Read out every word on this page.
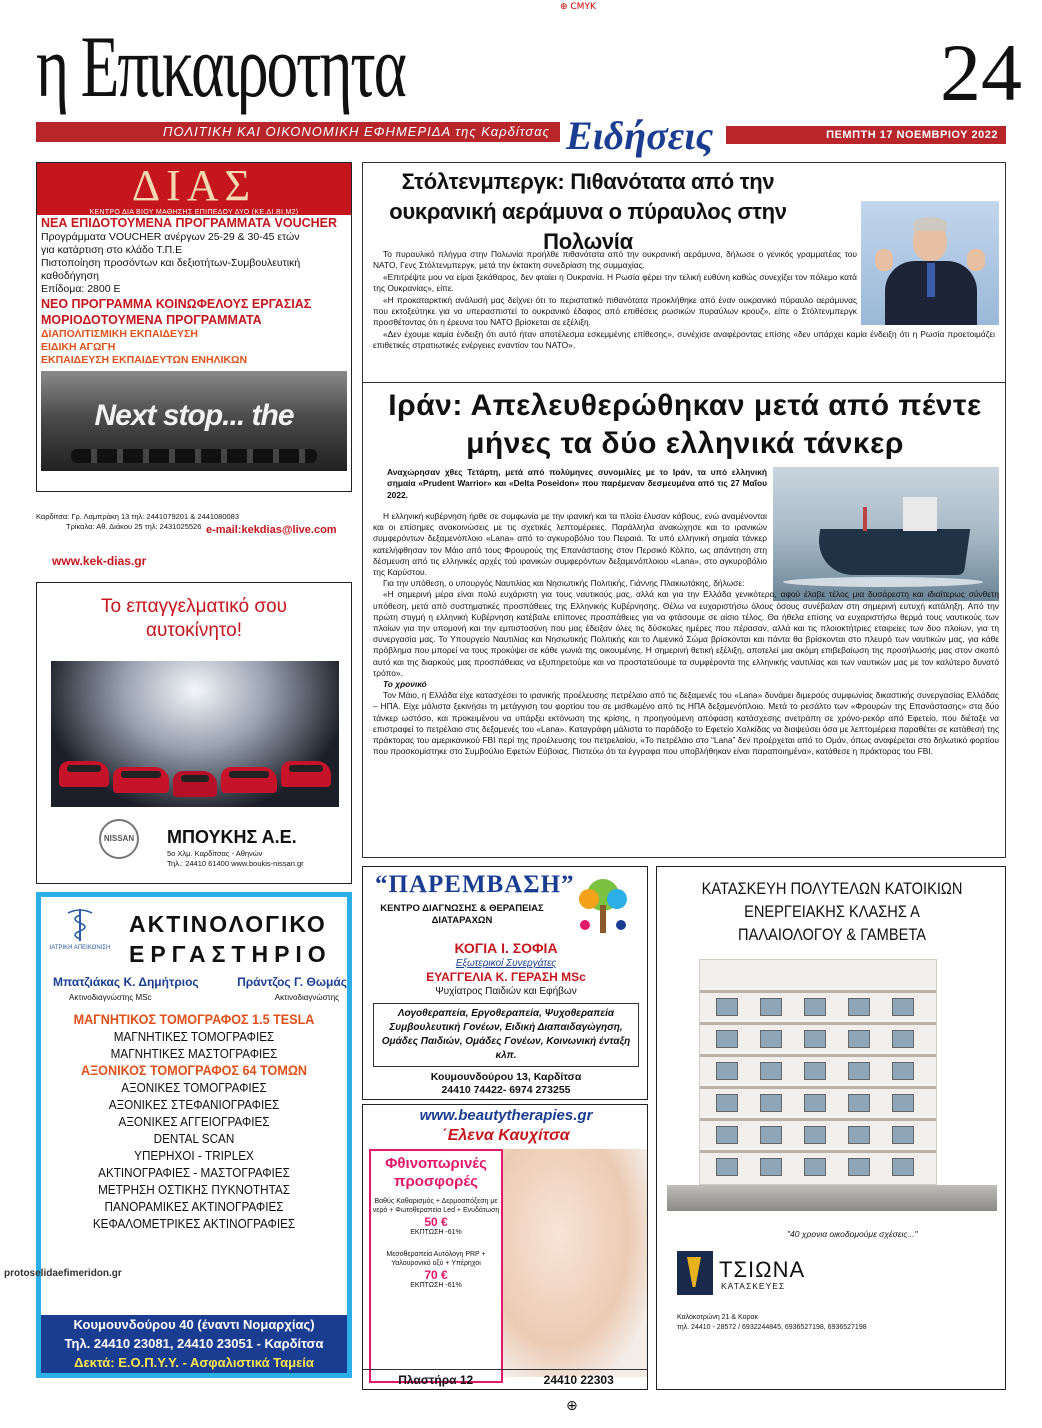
⊕ CMYK
⊕
η Επικαιροτητα
ΠΟΛΙΤΙΚΗ ΚΑΙ ΟΙΚΟΝΟΜΙΚΗ ΕΦΗΜΕΡΙΔΑ της Καρδίτσας Ειδήσεις
24
ΠΕΜΠΤΗ 17 ΝΟΕΜΒΡΙΟΥ 2022
ΔΙΑΣ
ΚΕΝΤΡΟ ΔΙΑ ΒΙΟΥ ΜΑΘΗΣΗΣ ΕΠΙΠΕΔΟΥ ΔΥΟ (ΚΕ.ΔΙ.ΒΙ.Μ2)
ΝΕΑ ΕΠΙΔΟΤΟΥΜΕΝΑ ΠΡΟΓΡΑΜΜΑΤΑ VOUCHER
Προγράμματα VOUCHER ανέργων 25-29 & 30-45 ετών
για κατάρτιση στο κλάδο Τ.Π.Ε
Πιστοποίηση προσόντων και δεξιοτήτων-Συμβουλευτική καθοδήγηση
Επίδομα: 2800 Ε
ΝΕΟ ΠΡΟΓΡΑΜΜΑ ΚΟΙΝΩΦΕΛΟΥΣ ΕΡΓΑΣΙΑΣ
ΜΟΡΙΟΔΟΤΟΥΜΕΝΑ ΠΡΟΓΡΑΜΜΑΤΑ
ΔΙΑΠΟΛΙΤΙΣΜΙΚΗ ΕΚΠΑΙΔΕΥΣΗ
ΕΙΔΙΚΗ ΑΓΩΓΗ
ΕΚΠΑΙΔΕΥΣΗ ΕΚΠΑΙΔΕΥΤΩΝ ΕΝΗΛΙΚΩΝ
Next stop... the
Καρδίτσα: Γρ. Λαμπράκη 13 τηλ: 2441079201 & 2441080083
Τρίκαλα: Αθ. Διάκου 25 τηλ: 2431025526 e-mail:kekdias@live.com
www.kek-dias.gr
Το επαγγελματικό σου
αυτοκίνητο!
NISSAN ΜΠΟΥΚΗΣ Α.Ε.
5o Χλμ. Καρδίτσας - Αθηνών
Τηλ.: 24410 61400 www.boukis-nissan.gr
ΙΑΤΡΙΚΗ ΑΠΕΙΚΟΝΙΣΗ
ΑΚΤΙΝΟΛΟΓΙΚΟ
ΕΡΓΑΣΤΗΡΙΟ
Μπατζιάκας Κ. Δημήτριος	Πράντζος Γ. Θωμάς
Ακτινοδιαγνώστης MSc	Ακτινοδιαγνώστης
ΜΑΓΝΗΤΙΚΟΣ ΤΟΜΟΓΡΑΦΟΣ 1.5 TESLA
ΜΑΓΝΗΤΙΚΕΣ ΤΟΜΟΓΡΑΦΙΕΣ
ΜΑΓΝΗΤΙΚΕΣ ΜΑΣΤΟΓΡΑΦΙΕΣ
ΑΞΟΝΙΚΟΣ ΤΟΜΟΓΡΑΦΟΣ 64 ΤΟΜΩΝ
ΑΞΟΝΙΚΕΣ ΤΟΜΟΓΡΑΦΙΕΣ
ΑΞΟΝΙΚΕΣ ΣΤΕΦΑΝΙΟΓΡΑΦΙΕΣ
ΑΞΟΝΙΚΕΣ ΑΓΓΕΙΟΓΡΑΦΙΕΣ
DENTAL SCAN
ΥΠΕΡΗΧΟΙ - TRIPLEX
ΑΚΤΙΝΟΓΡΑΦΙΕΣ - ΜΑΣΤΟΓΡΑΦΙΕΣ
ΜΕΤΡΗΣΗ ΟΣΤΙΚΗΣ ΠΥΚΝΟΤΗΤΑΣ
ΠΑΝΟΡΑΜΙΚΕΣ ΑΚΤΙΝΟΓΡΑΦΙΕΣ
ΚΕΦΑΛΟΜΕΤΡΙΚΕΣ ΑΚΤΙΝΟΓΡΑΦΙΕΣ
Κουμουνδούρου 40 (έναντι Νομαρχίας)
Τηλ. 24410 23081, 24410 23051 - Καρδίτσα
Δεκτά: Ε.Ο.Π.Υ.Υ. - Ασφαλιστικά Ταμεία
protoselidaefimeridon.gr
Στόλτενμπεργκ: Πιθανότατα από την ουκρανική αεράμυνα ο πύραυλος στην Πολωνία

Το πυραυλικό πλήγμα στην Πολωνία προήλθε πιθανότατα από την ουκρανική αεράμυνα, δήλωσε ο γενικός γραμματέας του ΝΑΤΟ, Γενς Στόλτενμπεργκ, μετά την έκτακτη συνεδρίαση της συμμαχίας.

«Επιτρέψτε μου να είμαι ξεκάθαρος, δεν φταίει η Ουκρανία. Η Ρωσία φέρει την τελική ευθύνη καθώς συνεχίζει τον πόλεμο κατά της Ουκρανίας», είπε.

«Η προκαταρκτική ανάλυσή μας δείχνει ότι το περιστατικό πιθανότατα προκλήθηκε από έναν ουκρανικό πύραυλο αεράμυνας που εκτοξεύτηκε για να υπερασπιστεί το ουκρανικό έδαφος από επιθέσεις ρωσικών πυραύλων κρουζ», είπε ο Στόλτενμπεργκ προσθέτοντας ότι η έρευνα του ΝΑΤΟ βρίσκεται σε εξέλιξη.

«Δεν έχουμε καμία ένδειξη ότι αυτό ήταν αποτέλεσμα εσκεμμένης επίθεσης», συνέχισε αναφέροντας επίσης «δεν υπάρχει καμία ένδειξη ότι η Ρωσία προετοιμάζει επιθετικές στρατιωτικές ενέργειες εναντίον του ΝΑΤΟ».

Ιράν: Απελευθερώθηκαν μετά από πέντε μήνες τα δύο ελληνικά τάνκερ
Αναχώρησαν χθες Τετάρτη, μετά από πολύμηνες συνομιλίες με το Ιράν, τα υπό ελληνική σημαία «Prudent Warrior» και «Delta Poseidon» που παρέμεναν δεσμευμένα από τις 27 Μαΐου 2022.

Η ελληνική κυβέρνηση ήρθε σε συμφωνία με την ιρανική και τα πλοία έλυσαν κάβους, ενώ αναμένονται και οι επίσημες ανακοινώσεις με τις σχετικές λεπτομέρειες. Παράλληλα ανακώχησε και το ιρανικών συμφερόντων δεξαμενόπλοιο «Lana» από το αγκυροβόλιο του Πειραιά. Τα υπό ελληνική σημαία τάνκερ κατελήφθησαν τον Μάιο από τους Φρουρούς της Επανάστασης στον Περσικό Κόλπο, ως απάντηση στη δέσμευση από τις ελληνικές αρχές τού ιρανικών συμφερόντων δεξαμενόπλοιου «Lana», στο αγκυροβόλιο της Καρύστου.

Για την υπόθεση, ο υπουργός Ναυτιλίας και Νησιωτικής Πολιτικής, Γιάννης Πλακιωτάκης, δήλωσε:

«Η σημερινή μέρα είναι πολύ ευχάριστη για τους ναυτικούς μας, αλλά και για την Ελλάδα γενικότερα, αφού έλαβε τέλος μια δυσάρεστη και ιδιαίτερως σύνθετη υπόθεση, μετά από συστηματικές προσπάθειες της Ελληνικής Κυβέρνησης. Θέλω να ευχαριστήσω όλους όσους συνέβαλαν στη σημερινή ευτυχή κατάληξη. Από την πρώτη στιγμή η ελληνική Κυβέρνηση κατέβαλε επίπονες προσπάθειες για να φτάσουμε σε αίσιο τέλος. Θα ήθελα επίσης να ευχαριστήσω θερμά τους ναυτικούς των πλοίων για την υπομονή και την εμπιστοσύνη που μας έδειξαν όλες τις δύσκολες ημέρες που πέρασαν, αλλά και τις πλοιοκτήτριες εταιρείες των δυο πλοίων, για τη συνεργασία μας. Το Υπουργείο Ναυτιλίας και Νησιωτικής Πολιτικής και το Λιμενικό Σώμα βρίσκονται και πάντα θα βρίσκονται στο πλευρό των ναυτικών μας, για κάθε πρόβλημα που μπορεί να τους προκύψει σε κάθε γωνιά της οικουμένης. Η σημερινή θετική εξέλιξη, αποτελεί μια ακόμη επιβεβαίωση της προσήλωσής μας στον σκοπό αυτό και της διαρκούς μας προσπάθειας να εξυπηρετούμε και να προστατεύουμε τα συμφέροντα της ελληνικής ναυτιλίας και των ναυτικών μας με τον καλύτερο δυνατό τρόπο».

Το χρονικό

Τον Μάιο, η Ελλάδα είχε κατασχέσει το ιρανικής προέλευσης πετρέλαιο από τις δεξαμενές του «Lana» δυνάμει διμερούς συμφωνίας δικαστικής συνεργασίας Ελλάδας – ΗΠΑ. Είχε μάλιστα ξεκινήσει τη μετάγγιση του φορτίου του σε μισθωμένο από τις ΗΠΑ δεξαμενόπλοιο. Μετά το ρεσάλτο των «Φρουρών της Επανάστασης» στα δύο τάνκερ ωστόσο, και προκειμένου να υπάρξει εκτόνωση της κρίσης, η προηγούμενη απόφαση κατάσχεσης ανετράπη σε χρόνο-ρεκόρ από Εφετείο, που διέταξε να επιστραφεί το πετρέλαιο στις δεξαμενές του «Lana». Καταγράφη μάλιστα το παράδοξο το Εφετείο Χαλκίδας να διαψεύσει όσα με λεπτομέρεια παραθέτει σε κατάθεσή της πράκτορας του αμερικανικού FBI περί της προέλευσης του πετρελαίου, «Το πετρέλαιο στο “Lana” δεν προέρχεται από το Ομάν, όπως αναφέρεται στο δηλωτικό φορτίου που προσκομίστηκε στο Συμβούλιο Εφετών Εύβοιας. Πιστεύω ότι τα έγγραφα που υποβλήθηκαν είναι παραποιημένα», κατάθεσε η πράκτορας του FBI.

“ΠΑΡΕΜΒΑΣΗ”
ΚΕΝΤΡΟ ΔΙΑΓΝΩΣΗΣ & ΘΕΡΑΠΕΙΑΣ ΔΙΑΤΑΡΑΧΩΝ
ΚΟΓΙΑ Ι. ΣΟΦΙΑ
Εξωτερικοί Συνεργάτες
ΕΥΑΓΓΕΛΙΑ Κ. ΓΕΡΑΣΗ MSc
Ψυχίατρος Παιδιών και Εφήβων
Λογοθεραπεία, Εργοθεραπεία, Ψυχοθεραπεία Συμβουλευτική Γονέων, Ειδική Διαπαιδαγώγηση, Ομάδες Παιδιών, Ομάδες Γονέων, Κοινωνική ένταξη κλπ.
Κουμουνδούρου 13, Καρδίτσα
24410 74422- 6974 273255
www.beautytherapies.gr
΄Ελενα Καυχίτσα
Φθινοπωρινές προσφορές
Βαθύς Καθαρισμός + Δερμοαπόξεση με νερό + Φωτοθεραπεία Led + Ενυδάτωση
50 €
ΕΚΠΤΩΣΗ -61%
Μεσοθεραπεία Αυτόλογη PRP + Υαλουρονικό οξύ + Υπέρηχοι
70 €
ΕΚΠΤΩΣΗ -61%
Πλαστήρα 12	24410 22303
ΚΑΤΑΣΚΕΥΗ ΠΟΛΥΤΕΛΩΝ ΚΑΤΟΙΚΙΩΝ
ΕΝΕΡΓΕΙΑΚΗΣ ΚΛΑΣΗΣ Α
ΠΑΛΑΙΟΛΟΓΟΥ & ΓΑΜΒΕΤΑ
"40 χρονια οικοδομούμε σχέσεις..."
ΤΣΙΩΝΑ
ΚΑΤΑΣΚΕΥΕΣ
Καλοκοτρώνη 21 & Κορακ
τηλ. 24410 - 28572 / 6932244845, 6936527198, 6936527198
